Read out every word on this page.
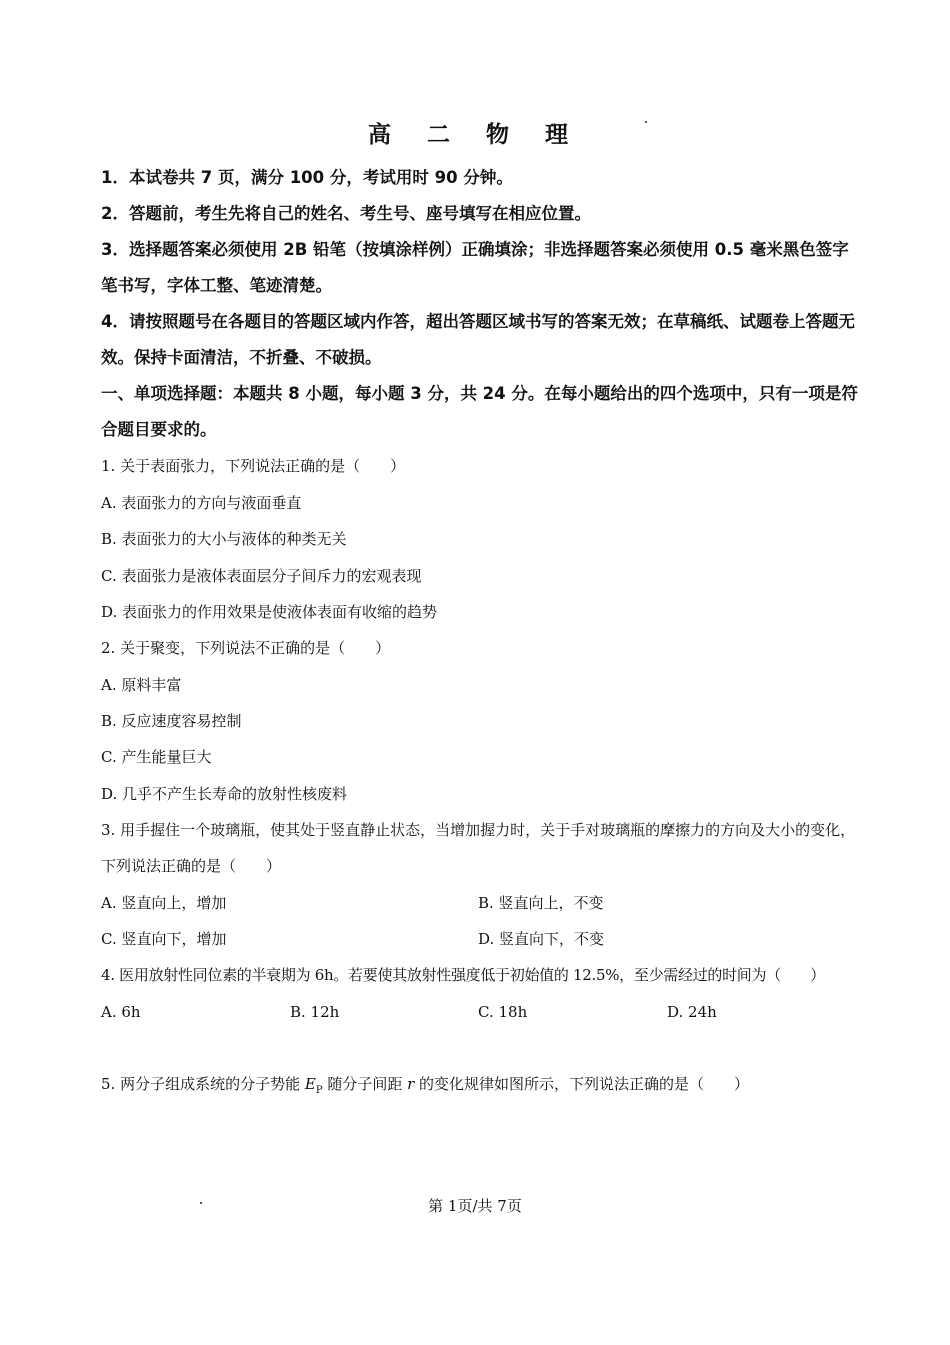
高 二 物 理

1．本试卷共 7 页，满分 100 分，考试用时 90 分钟。

2．答题前，考生先将自己的姓名、考生号、座号填写在相应位置。

3．选择题答案必须使用 2B 铅笔（按填涂样例）正确填涂；非选择题答案必须使用 0.5 毫米黑色签字笔书写，字体工整、笔迹清楚。

4．请按照题号在各题目的答题区域内作答，超出答题区域书写的答案无效；在草稿纸、试题卷上答题无效。保持卡面清洁，不折叠、不破损。

一、单项选择题：本题共 8 小题，每小题 3 分，共 24 分。在每小题给出的四个选项中，只有一项是符合题目要求的。

1. 关于表面张力，下列说法正确的是（　　）

A. 表面张力的方向与液面垂直

B. 表面张力的大小与液体的种类无关

C. 表面张力是液体表面层分子间斥力的宏观表现

D. 表面张力的作用效果是使液体表面有收缩的趋势

2. 关于聚变，下列说法不正确的是（　　）

A. 原料丰富

B. 反应速度容易控制

C. 产生能量巨大

D. 几乎不产生长寿命的放射性核废料

3. 用手握住一个玻璃瓶，使其处于竖直静止状态，当增加握力时，关于手对玻璃瓶的摩擦力的方向及大小的变化，下列说法正确的是（　　）

A. 竖直向上，增加	B. 竖直向上，不变

C. 竖直向下，增加	D. 竖直向下，不变

4. 医用放射性同位素的半衰期为 6h。若要使其放射性强度低于初始值的 12.5%，至少需经过的时间为（　　）

A. 6h	B. 12h	C. 18h	D. 24h

5. 两分子组成系统的分子势能 $E_P$ 随分子间距 r 的变化规律如图所示，下列说法正确的是（　　）

第 1页/共 7页
